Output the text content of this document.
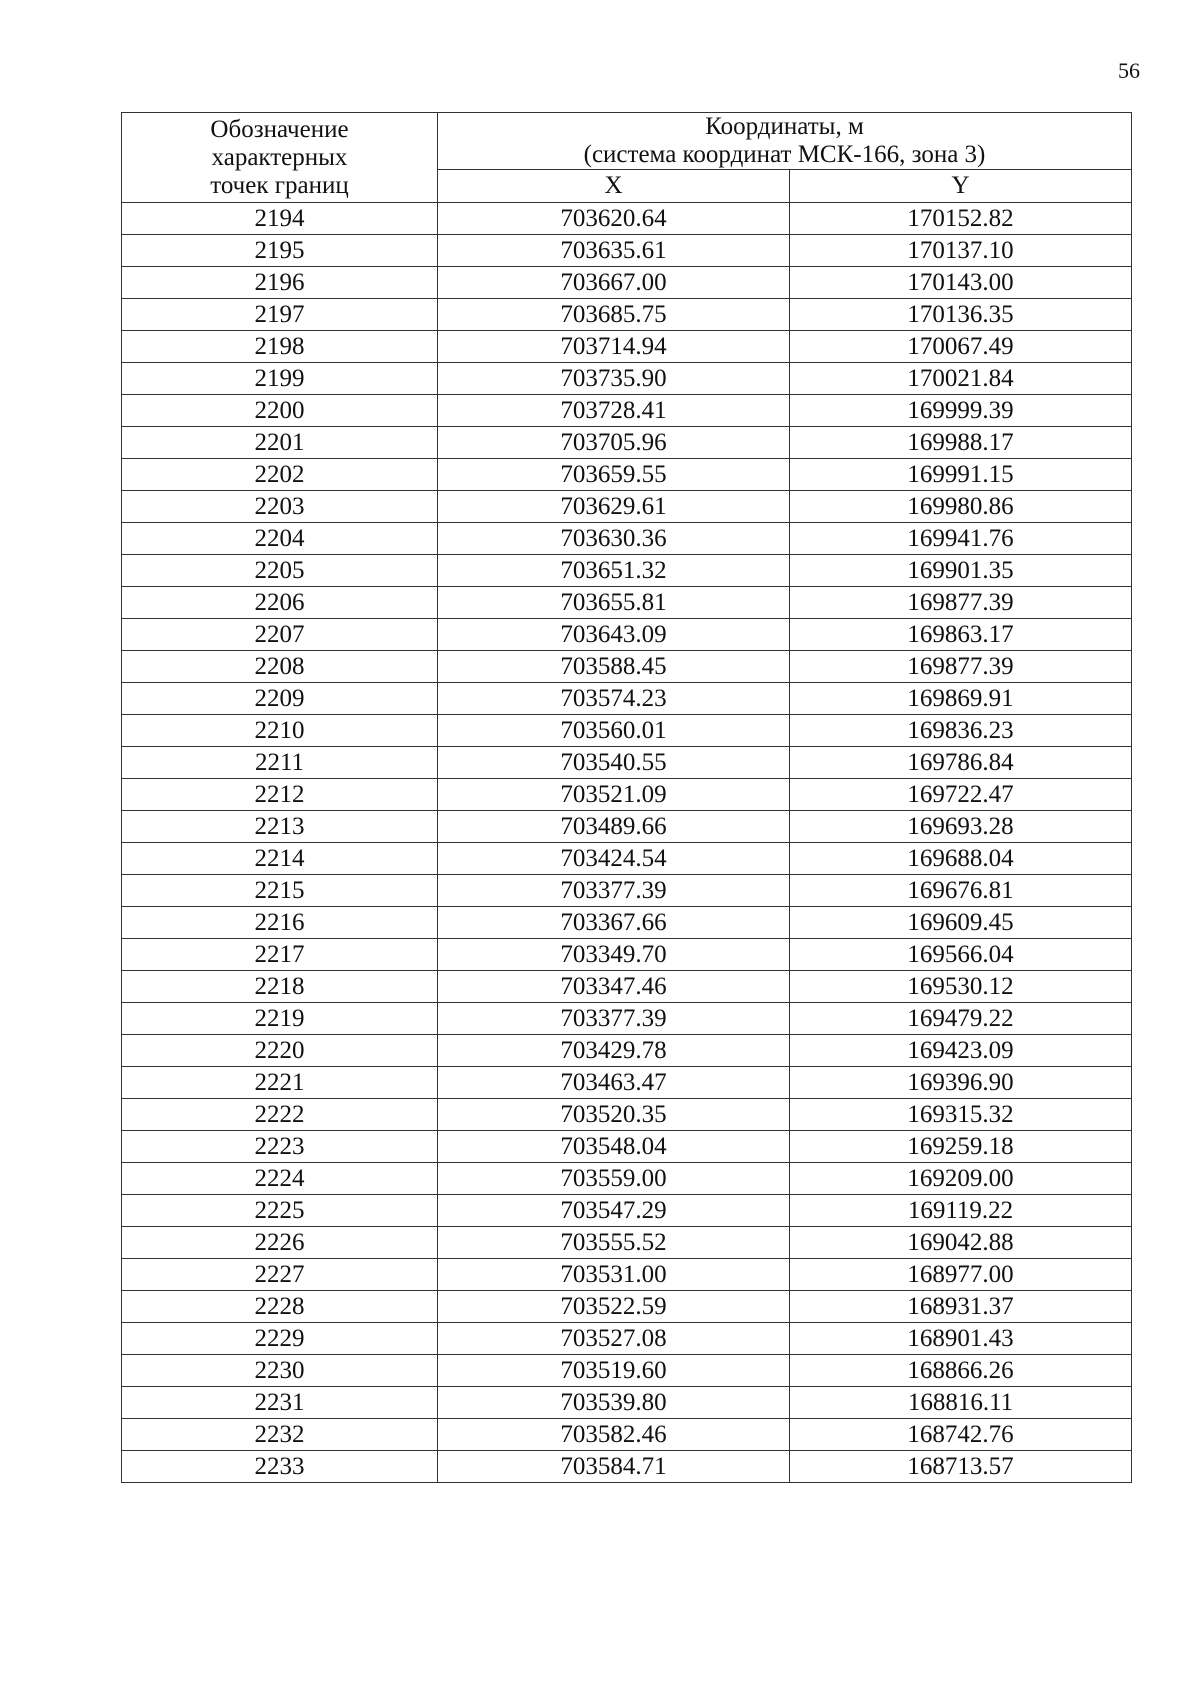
56
Обозначение
характерных
точек границ	Координаты, м
(система координат МСК-166, зона 3)	

	X	Y
2194	703620.64	170152.82
2195	703635.61	170137.10
2196	703667.00	170143.00
2197	703685.75	170136.35
2198	703714.94	170067.49
2199	703735.90	170021.84
2200	703728.41	169999.39
2201	703705.96	169988.17
2202	703659.55	169991.15
2203	703629.61	169980.86
2204	703630.36	169941.76
2205	703651.32	169901.35
2206	703655.81	169877.39
2207	703643.09	169863.17
2208	703588.45	169877.39
2209	703574.23	169869.91
2210	703560.01	169836.23
2211	703540.55	169786.84
2212	703521.09	169722.47
2213	703489.66	169693.28
2214	703424.54	169688.04
2215	703377.39	169676.81
2216	703367.66	169609.45
2217	703349.70	169566.04
2218	703347.46	169530.12
2219	703377.39	169479.22
2220	703429.78	169423.09
2221	703463.47	169396.90
2222	703520.35	169315.32
2223	703548.04	169259.18
2224	703559.00	169209.00
2225	703547.29	169119.22
2226	703555.52	169042.88
2227	703531.00	168977.00
2228	703522.59	168931.37
2229	703527.08	168901.43
2230	703519.60	168866.26
2231	703539.80	168816.11
2232	703582.46	168742.76
2233	703584.71	168713.57
